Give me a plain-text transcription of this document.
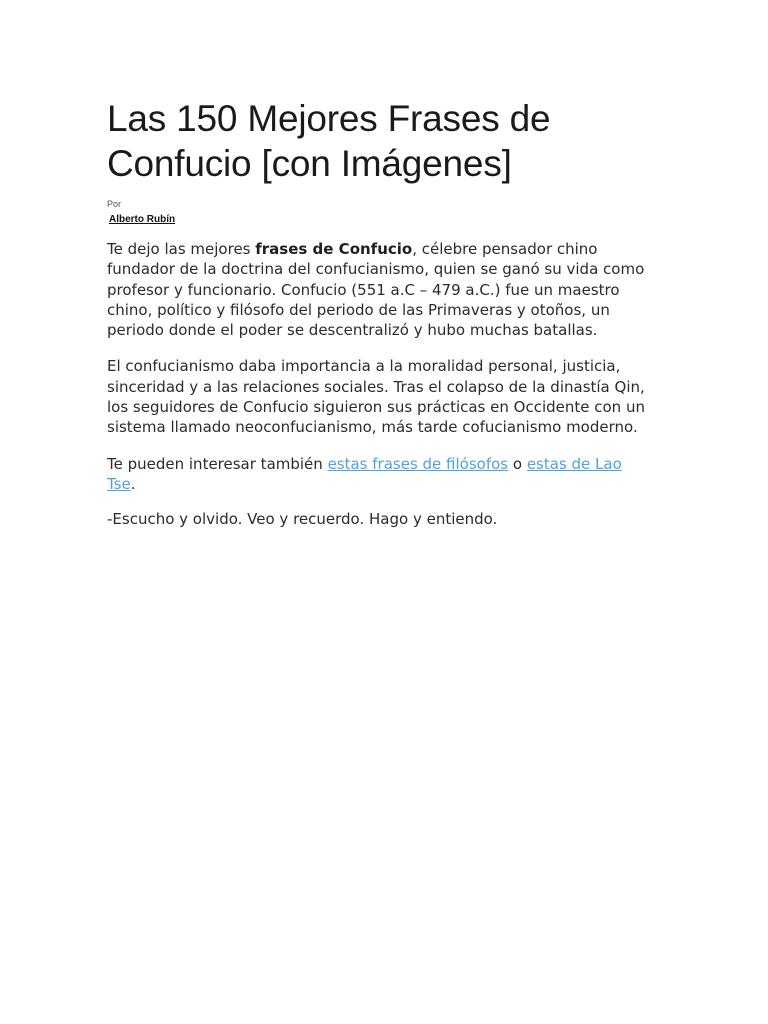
Las 150 Mejores Frases de Confucio [con Imágenes]
Por
Alberto Rubín

Te dejo las mejores frases de Confucio, célebre pensador chino fundador de la doctrina del confucianismo, quien se ganó su vida como profesor y funcionario. Confucio (551 a.C – 479 a.C.) fue un maestro chino, político y filósofo del periodo de las Primaveras y otoños, un periodo donde el poder se descentralizó y hubo muchas batallas.

El confucianismo daba importancia a la moralidad personal, justicia, sinceridad y a las relaciones sociales. Tras el colapso de la dinastía Qin, los seguidores de Confucio siguieron sus prácticas en Occidente con un sistema llamado neoconfucianismo, más tarde cofucianismo moderno.

Te pueden interesar también estas frases de filósofos o estas de Lao Tse.

-Escucho y olvido. Veo y recuerdo. Hago y entiendo.
